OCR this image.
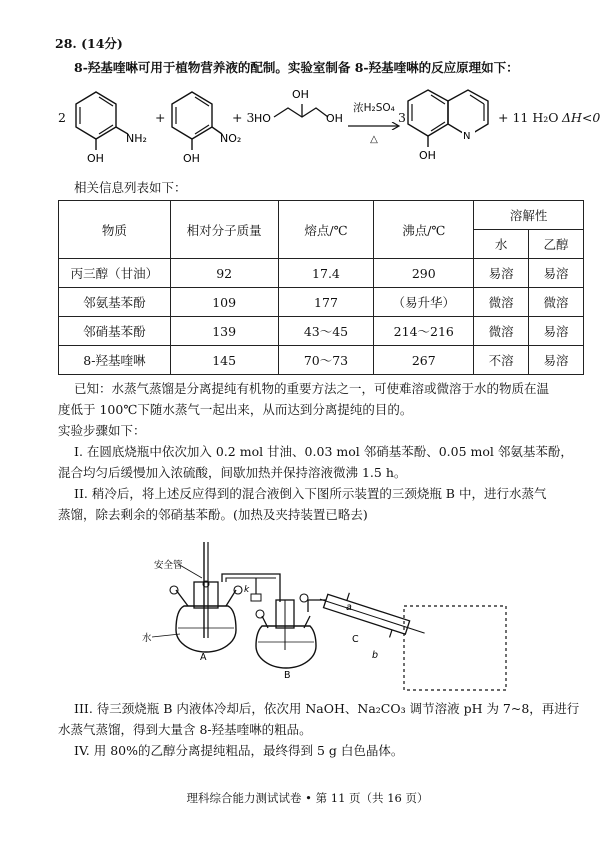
28. (14分)
8-羟基喹啉可用于植物营养液的配制。实验室制备 8-羟基喹啉的反应原理如下：
2
NH₂
OH
+
NO₂
OH
+ 3 HO
OH
OH
浓H₂SO₄
△
3
N
OH
+ 11 H₂O ΔH<0
相关信息列表如下：
物质	相对分子质量	熔点/℃	沸点/℃	溶解性	
				水	乙醇
丙三醇（甘油）	92	17.4	290	易溶	易溶
邻氨基苯酚	109	177	（易升华）	微溶	微溶
邻硝基苯酚	139	43～45	214～216	微溶	易溶
8-羟基喹啉	145	70～73	267	不溶	易溶
已知：水蒸气蒸馏是分离提纯有机物的重要方法之一，可使难溶或微溶于水的物质在温
度低于 100℃下随水蒸气一起出来，从而达到分离提纯的目的。
实验步骤如下：
I. 在圆底烧瓶中依次加入 0.2 mol 甘油、0.03 mol 邻硝基苯酚、0.05 mol 邻氨基苯酚，
混合均匀后缓慢加入浓硫酸，间歇加热并保持溶液微沸 1.5 h。
II. 稍冷后，将上述反应得到的混合液倒入下图所示装置的三颈烧瓶 B 中，进行水蒸气
蒸馏，除去剩余的邻硝基苯酚。(加热及夹持装置已略去)
安全管
水
A
k
B
a
C
b
III. 待三颈烧瓶 B 内液体冷却后，依次用 NaOH、Na₂CO₃ 调节溶液 pH 为 7~8，再进行
水蒸气蒸馏，得到大量含 8-羟基喹啉的粗品。
IV. 用 80%的乙醇分离提纯粗品，最终得到 5 g 白色晶体。
理科综合能力测试试卷 • 第 11 页（共 16 页）
